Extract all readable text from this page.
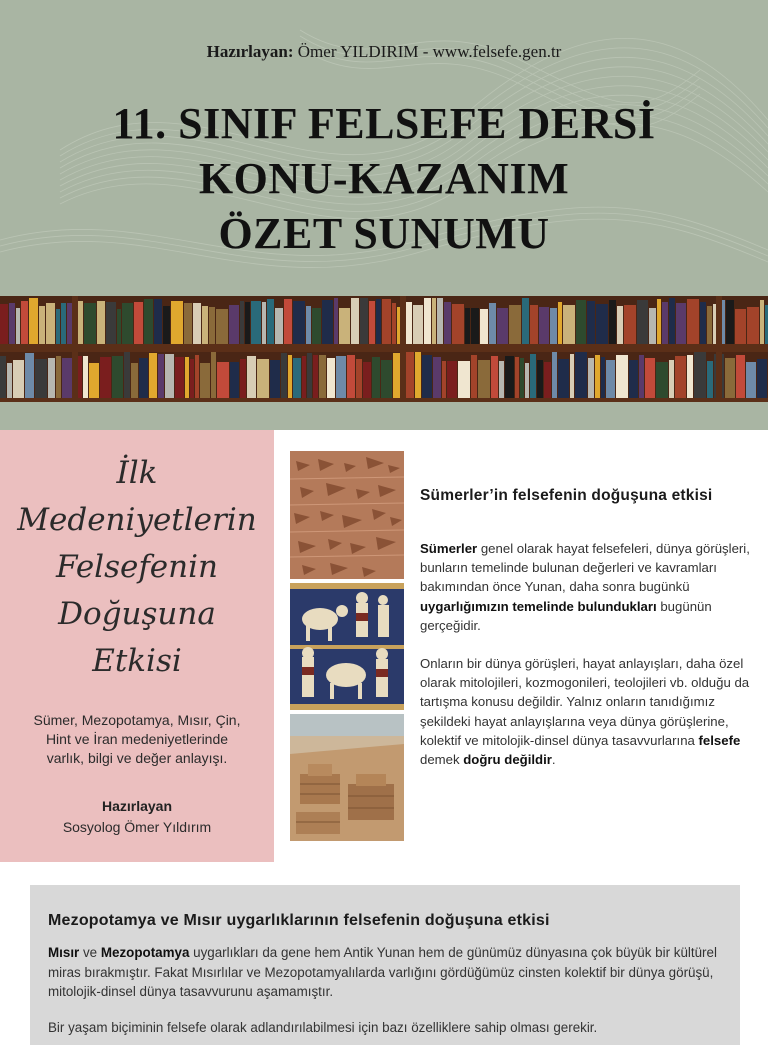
Hazırlayan: Ömer YILDIRIM - www.felsefe.gen.tr
11. SINIF FELSEFE DERSİ
KONU-KAZANIM
ÖZET SUNUMU
İlk
Medeniyetlerin
Felsefenin
Doğuşuna
Etkisi
Sümer, Mezopotamya, Mısır, Çin, Hint ve İran medeniyetlerinde varlık, bilgi ve değer anlayışı.
Hazırlayan
Sosyolog Ömer Yıldırım
Sümerler’in felsefenin doğuşuna etkisi
Sümerler genel olarak hayat felsefeleri, dünya görüşleri, bunların temelinde bulunan değerleri ve kavramları bakımından önce Yunan, daha sonra bugünkü uygarlığımızın temelinde bulundukları bugünün gerçeğidir.
Onların bir dünya görüşleri, hayat anlayışları, daha özel olarak mitolojileri, kozmogonileri, teolojileri vb. olduğu da tartışma konusu değildir. Yalnız onların tanıdığımız şekildeki hayat anlayışlarına veya dünya görüşlerine, kolektif ve mitolojik-dinsel dünya tasavvurlarına felsefe demek doğru değildir.
Mezopotamya ve Mısır uygarlıklarının felsefenin doğuşuna etkisi
Mısır ve Mezopotamya uygarlıkları da gene hem Antik Yunan hem de günümüz dünyasına çok büyük bir kültürel miras bırakmıştır. Fakat Mısırlılar ve Mezopotamyalılarda varlığını gördüğümüz cinsten kolektif bir dünya görüşü, mitolojik-dinsel dünya tasavvurunu aşamamıştır.
Bir yaşam biçiminin felsefe olarak adlandırılabilmesi için bazı özelliklere sahip olması gerekir.
